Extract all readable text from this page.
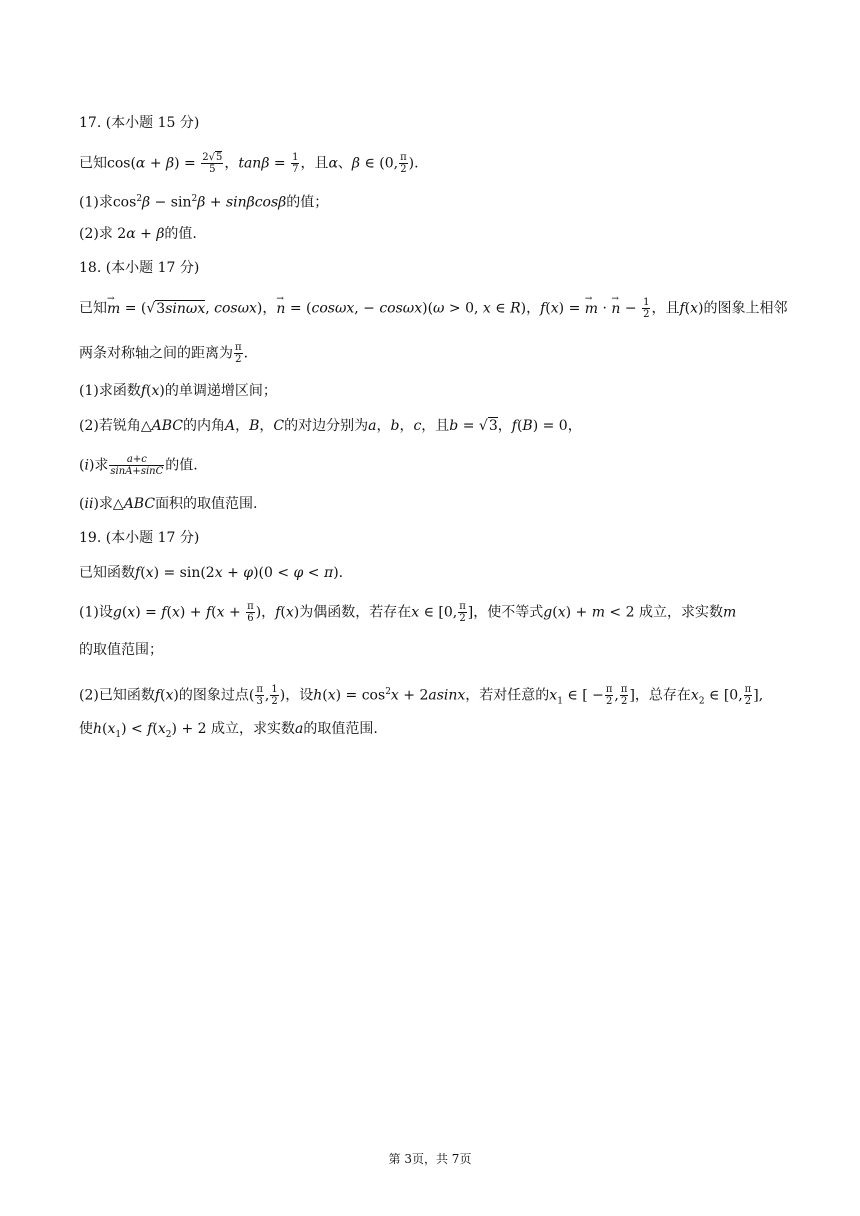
17. (本小题 15 分)
已知$\cos(\alpha + \beta) = \frac{2√5}{5}$ ，$\tan\beta = \frac{1}{7}$ ，且α、β ∈ (0, $\frac{\pi}{2}$ ).
(1)求$\cos^2\beta - \sin^2\beta + \sin\beta\cos\beta$的值；
(2)求 2α + β的值.
18. (本小题 17 分)
已知→ m = (√3sinωx, cosωx)，→ n = (cosωx, − cosωx)(ω > 0, x ∈ R)，f(x) = → m · → $n - \frac{1}{2}$ ，且f(x)的图象上相邻
两条对称轴之间的距离为 $\frac{\pi}{2}$ .
(1)求函数f(x)的单调递增区间；
(2)若锐角△ABC的内角A，B，C的对边分别为a，b，c，且b = √3，f(B) = 0，
(i)求 $\frac{a+c}{\sin A+\sin C}$ 的值.
(ii)求△ABC面积的取值范围.
19. (本小题 17 分)
已知函数f(x) = sin(2x + φ)(0 < φ < π).
(1)设$g(x) = f(x) + f(x + \frac{\pi}{6}$ )，f(x)为偶函数，若存在x ∈ [0, $\frac{\pi}{2}$ ]，使不等式g(x) + m < 2 成立，求实数m
的取值范围；
(2)已知函数f(x)的图象过点( $\frac{\pi}{3}$ , $\frac{1}{2}$ )，设$h(x) = \cos^2x + 2asinx$，若对任意的$x_1$ ∈ [ − $\frac{\pi}{2}$ , $\frac{\pi}{2}$ ]，总存在$x_2$ ∈ [0, $\frac{\pi}{2}$ ],
使$h(x_1) < f(x_2) + 2$ 成立，求实数a的取值范围.
第 3页，共 7页
